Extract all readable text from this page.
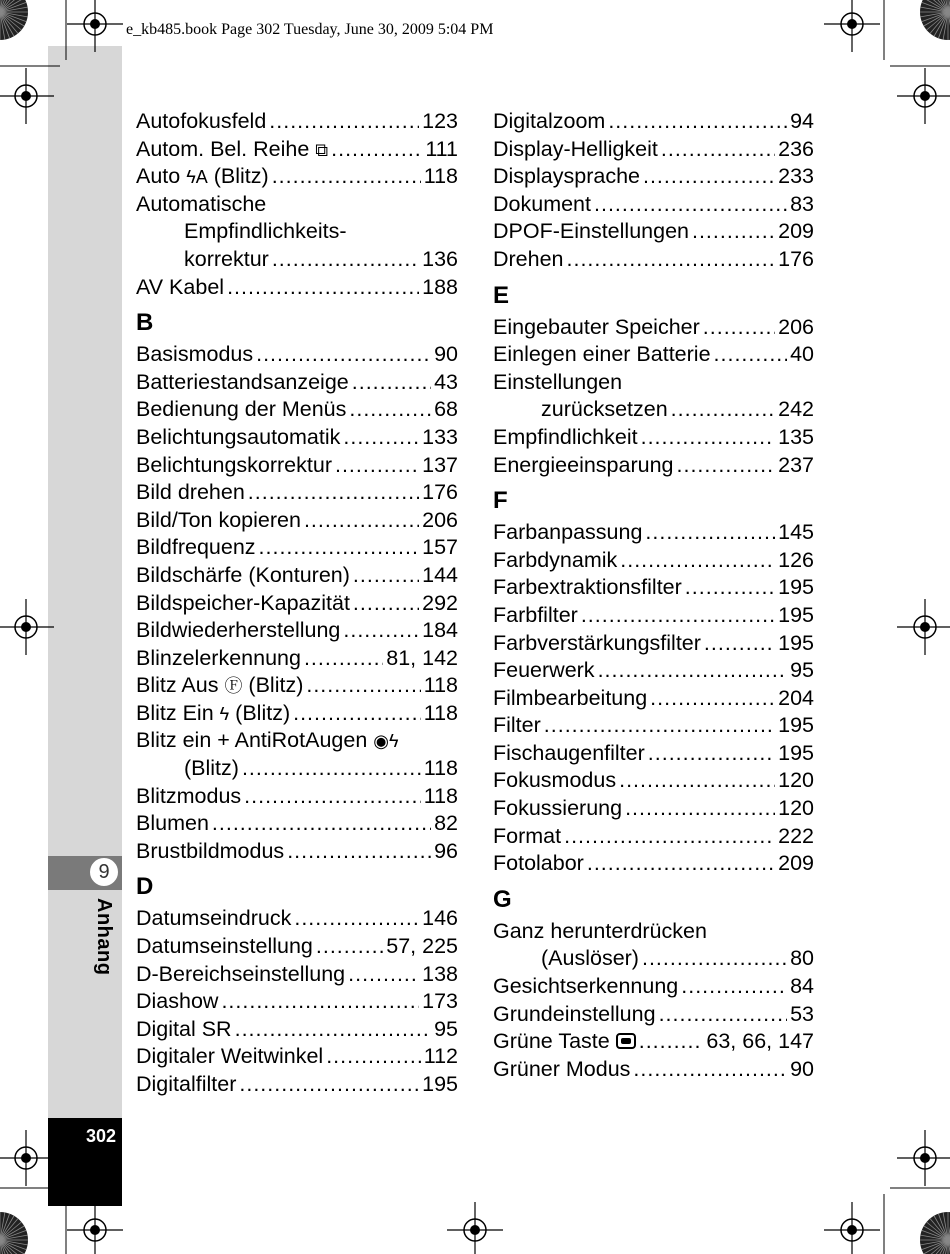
e_kb485.book Page 302 Tuesday, June 30, 2009 5:04 PM
9
Anhang
302
Autofokusfeld .....	123
Autom. Bel. Reihe ⧉ .....	111
Auto ϟA (Blitz) .....	118
Automatische
Empfindlichkeits-
korrektur .....	136
AV Kabel .....	188
B
Basismodus .....	90
Batteriestandsanzeige .....	43
Bedienung der Menüs .....	68
Belichtungsautomatik .....	133
Belichtungskorrektur .....	137
Bild drehen .....	176
Bild/Ton kopieren .....	206
Bildfrequenz .....	157
Bildschärfe (Konturen) .....	144
Bildspeicher-Kapazität .....	292
Bildwiederherstellung .....	184
Blinzelerkennung .....	81, 142
Blitz Aus Ⓕ (Blitz) .....	118
Blitz Ein ϟ (Blitz) .....	118
Blitz ein + AntiRotAugen ◉ϟ
(Blitz) .....	118
Blitzmodus .....	118
Blumen .....	82
Brustbildmodus .....	96
D
Datumseindruck .....	146
Datumseinstellung .....	57, 225
D-Bereichseinstellung .....	138
Diashow .....	173
Digital SR .....	95
Digitaler Weitwinkel .....	112
Digitalfilter .....	195
Digitalzoom .....	94
Display-Helligkeit .....	236
Displaysprache .....	233
Dokument .....	83
DPOF-Einstellungen .....	209
Drehen .....	176
E
Eingebauter Speicher .....	206
Einlegen einer Batterie .....	40
Einstellungen
zurücksetzen .....	242
Empfindlichkeit .....	135
Energieeinsparung .....	237
F
Farbanpassung .....	145
Farbdynamik .....	126
Farbextraktionsfilter .....	195
Farbfilter .....	195
Farbverstärkungsfilter .....	195
Feuerwerk .....	95
Filmbearbeitung .....	204
Filter .....	195
Fischaugenfilter .....	195
Fokusmodus .....	120
Fokussierung .....	120
Format .....	222
Fotolabor .....	209
G
Ganz herunterdrücken
(Auslöser) .....	80
Gesichtserkennung .....	84
Grundeinstellung .....	53
Grüne Taste .....	63, 66, 147
Grüner Modus .....	90
